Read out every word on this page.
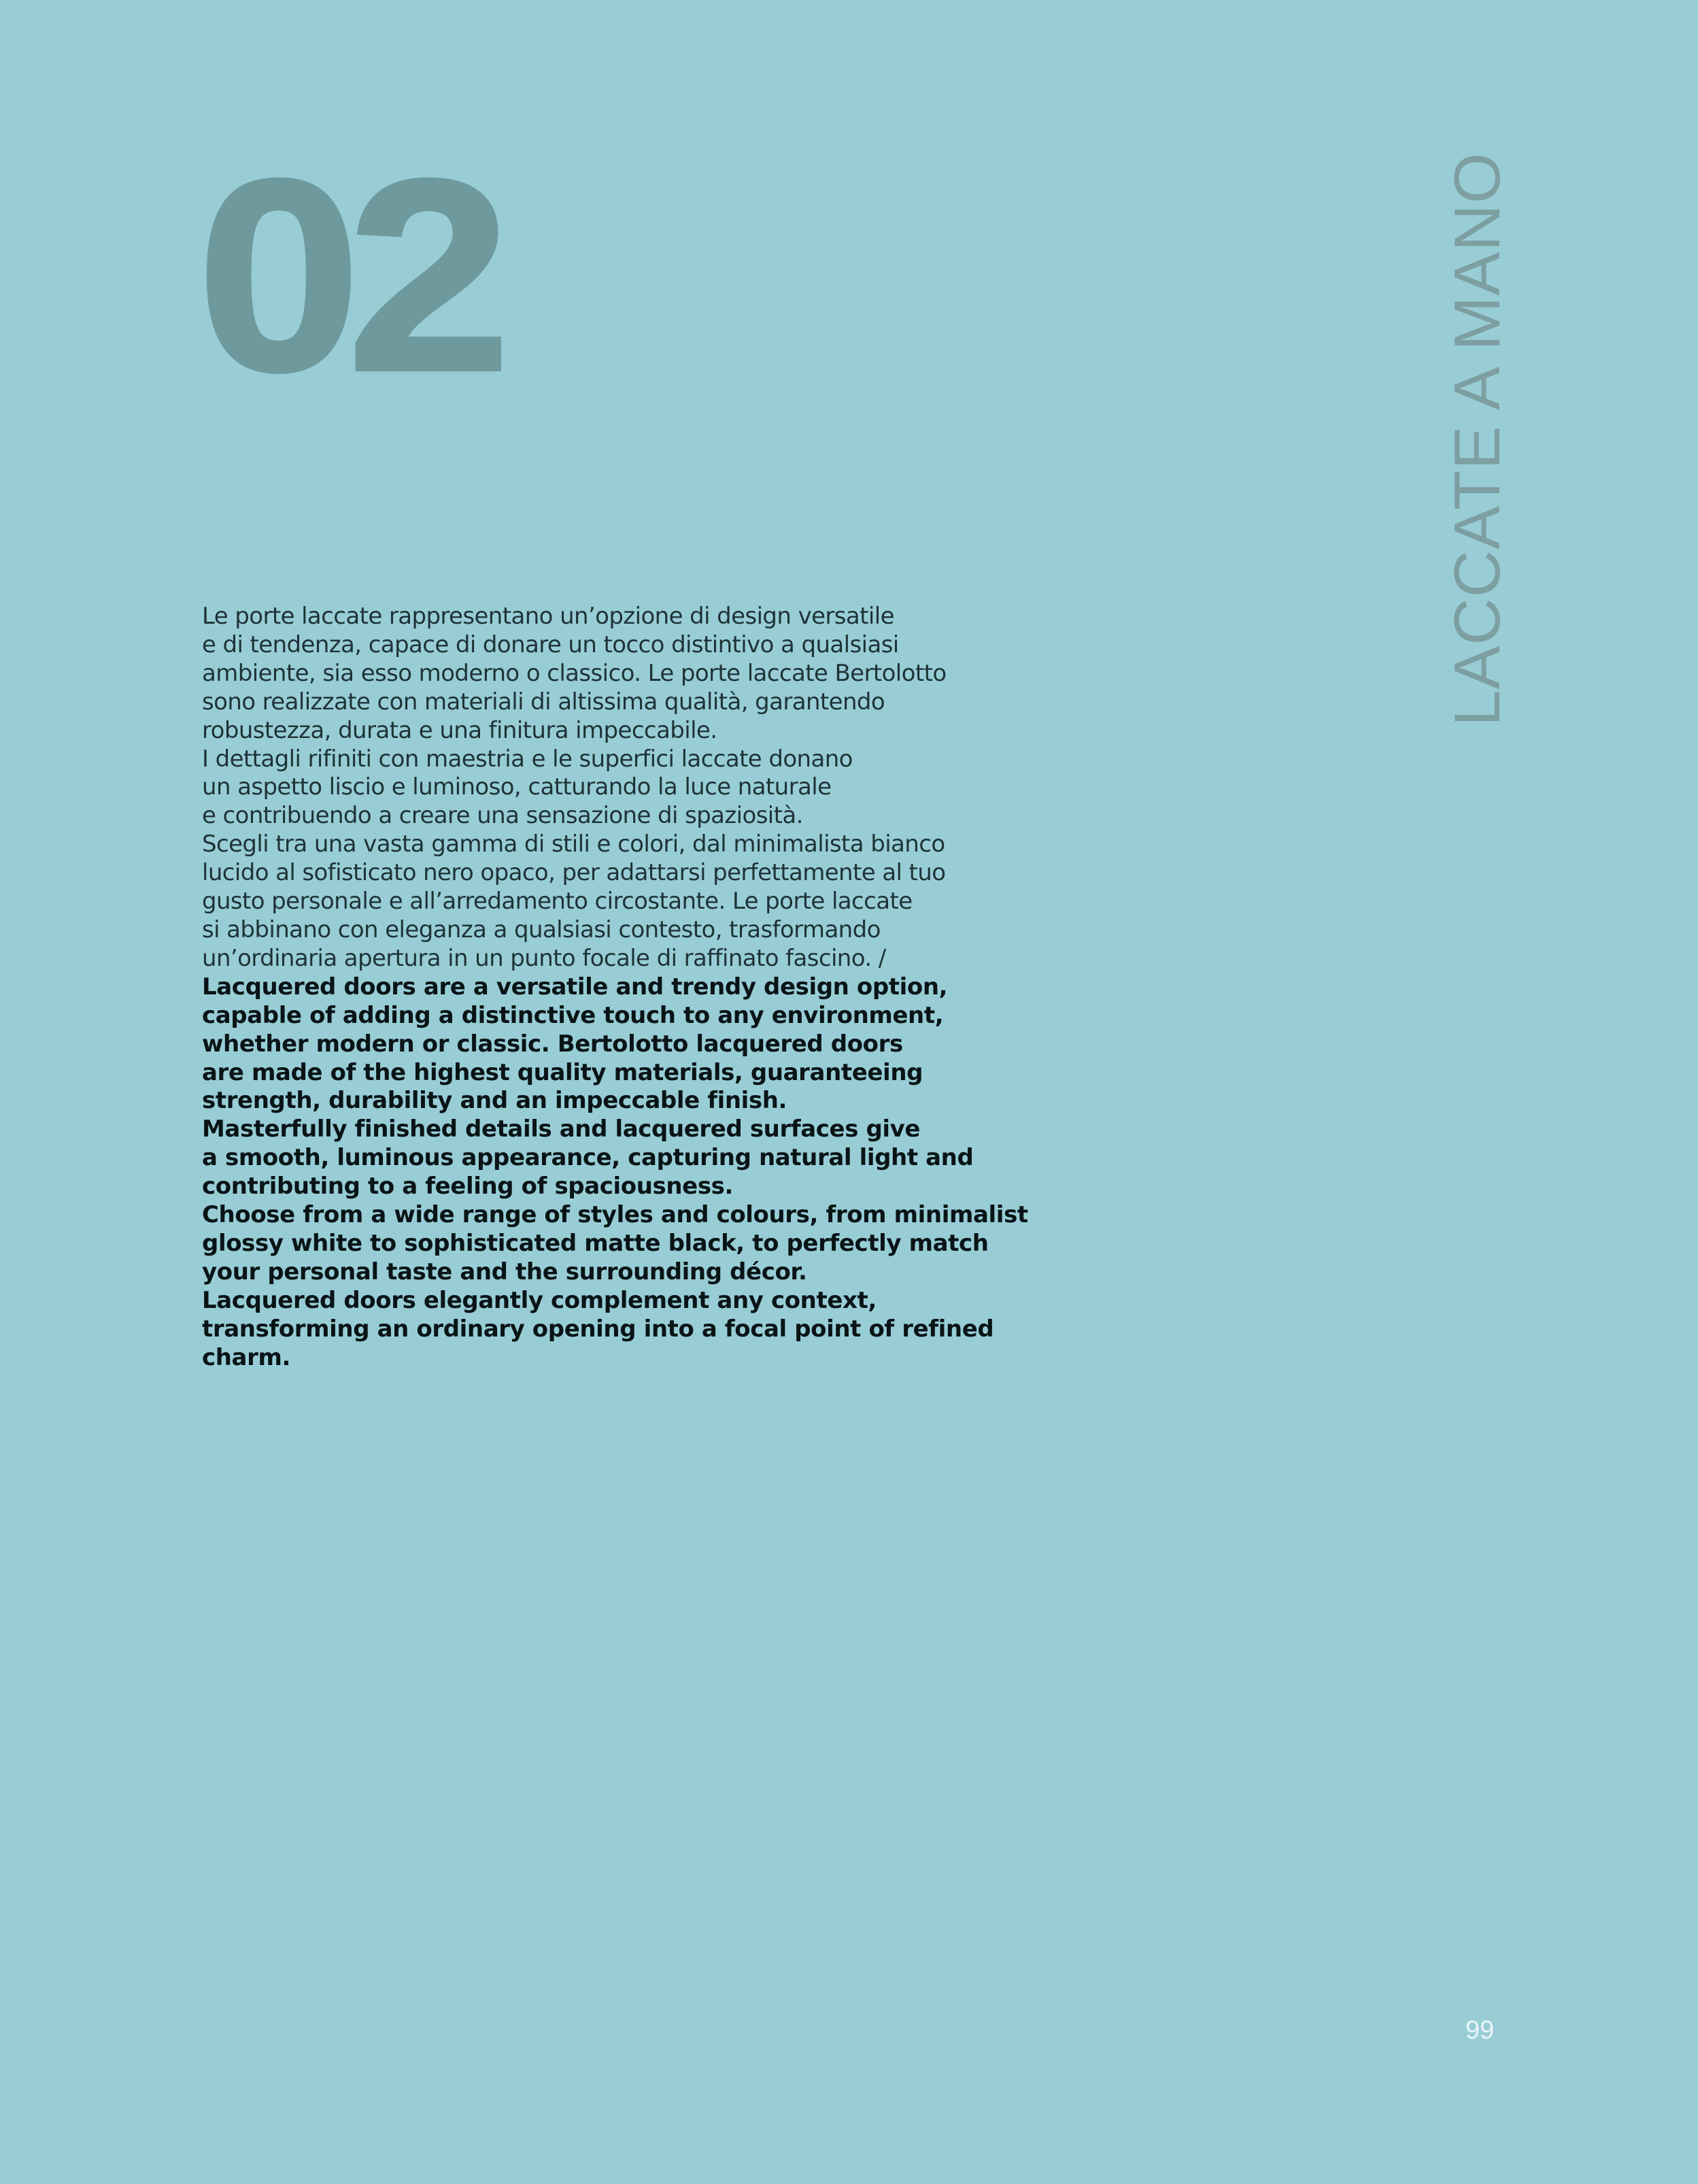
02	LACCATE A MANO
Le porte laccate rappresentano un’opzione di design versatile
e di tendenza, capace di donare un tocco distintivo a qualsiasi
ambiente, sia esso moderno o classico. Le porte laccate Bertolotto
sono realizzate con materiali di altissima qualità, garantendo
robustezza, durata e una finitura impeccabile.
I dettagli rifiniti con maestria e le superfici laccate donano
un aspetto liscio e luminoso, catturando la luce naturale
e contribuendo a creare una sensazione di spaziosità.
Scegli tra una vasta gamma di stili e colori, dal minimalista bianco
lucido al sofisticato nero opaco, per adattarsi perfettamente al tuo
gusto personale e all’arredamento circostante. Le porte laccate
si abbinano con eleganza a qualsiasi contesto, trasformando
un’ordinaria apertura in un punto focale di raffinato fascino. /
Lacquered doors are a versatile and trendy design option,
capable of adding a distinctive touch to any environment,
whether modern or classic. Bertolotto lacquered doors
are made of the highest quality materials, guaranteeing
strength, durability and an impeccable finish.
Masterfully finished details and lacquered surfaces give
a smooth, luminous appearance, capturing natural light and
contributing to a feeling of spaciousness.
Choose from a wide range of styles and colours, from minimalist
glossy white to sophisticated matte black, to perfectly match
your personal taste and the surrounding décor.
Lacquered doors elegantly complement any context,
transforming an ordinary opening into a focal point of refined
charm.
99
